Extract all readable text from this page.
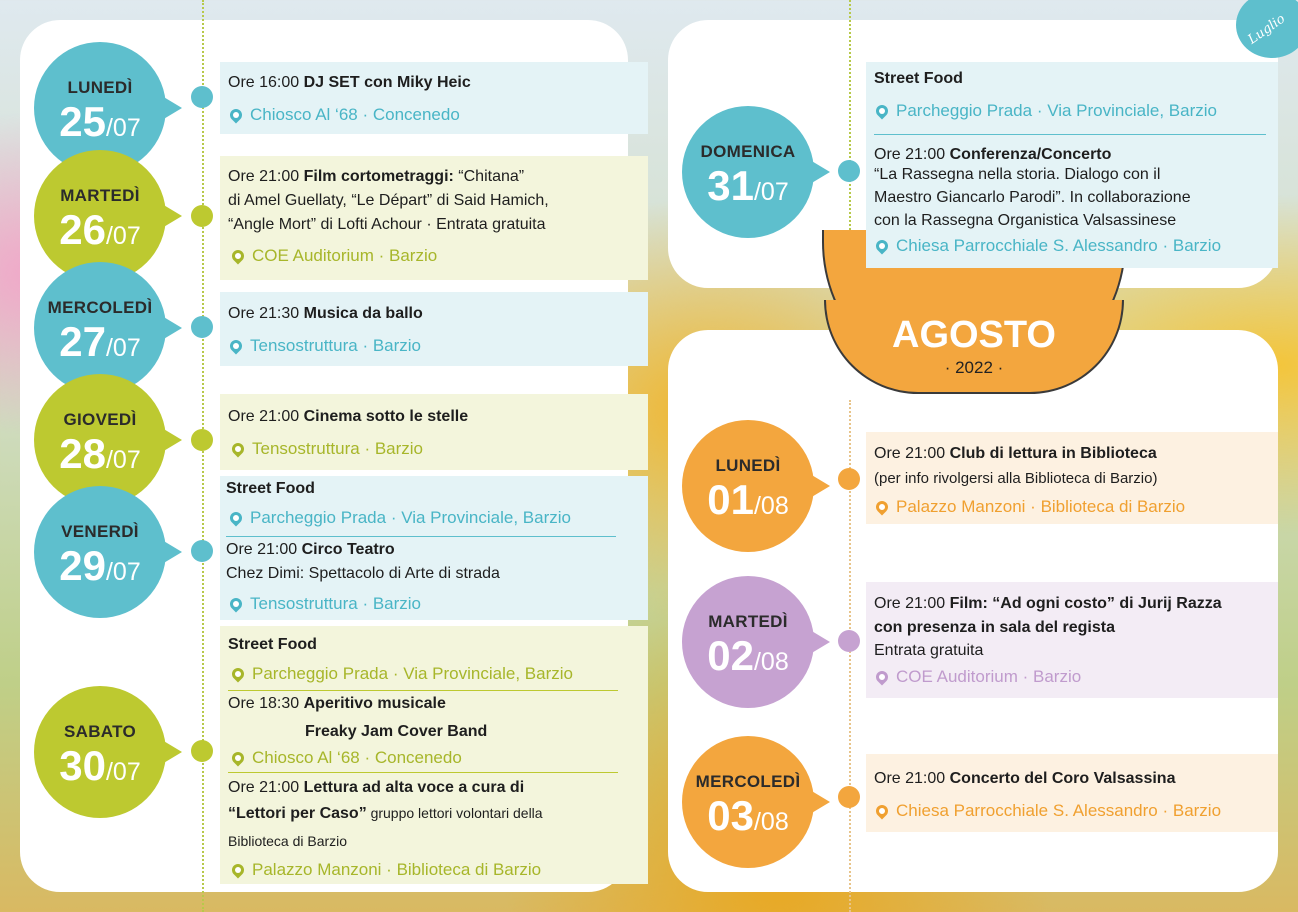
Luglio
AGOSTO
· 2022 ·
LUNEDÌ
25/07
Ore 16:00 DJ SET con Miky Heic
Chiosco Al ‘68 · Concenedo
MARTEDÌ
26/07
Ore 21:00 Film cortometraggi: “Chitana”
di Amel Guellaty, “Le Départ” di Said Hamich,
“Angle Mort” di Lofti Achour · Entrata gratuita
COE Auditorium · Barzio
MERCOLEDÌ
27/07
Ore 21:30 Musica da ballo
Tensostruttura · Barzio
GIOVEDÌ
28/07
Ore 21:00 Cinema sotto le stelle
Tensostruttura · Barzio
VENERDÌ
29/07
Street Food
Parcheggio Prada · Via Provinciale, Barzio
Ore 21:00 Circo Teatro
Chez Dimi: Spettacolo di Arte di strada
Tensostruttura · Barzio
SABATO
30/07
Street Food
Parcheggio Prada · Via Provinciale, Barzio
Ore 18:30 Aperitivo musicale
Freaky Jam Cover Band
Chiosco Al ‘68 · Concenedo
Ore 21:00 Lettura ad alta voce a cura di
“Lettori per Caso” gruppo lettori volontari della
Biblioteca di Barzio
Palazzo Manzoni · Biblioteca di Barzio
DOMENICA
31/07
Street Food
Parcheggio Prada · Via Provinciale, Barzio
Ore 21:00 Conferenza/Concerto
“La Rassegna nella storia. Dialogo con il
Maestro Giancarlo Parodi”. In collaborazione
con la Rassegna Organistica Valsassinese
Chiesa Parrocchiale S. Alessandro · Barzio
LUNEDÌ
01/08
Ore 21:00 Club di lettura in Biblioteca
(per info rivolgersi alla Biblioteca di Barzio)
Palazzo Manzoni · Biblioteca di Barzio
MARTEDÌ
02/08
Ore 21:00 Film: “Ad ogni costo” di Jurij Razza
con presenza in sala del regista
Entrata gratuita
COE Auditorium · Barzio
MERCOLEDÌ
03/08
Ore 21:00 Concerto del Coro Valsassina
Chiesa Parrocchiale S. Alessandro · Barzio
